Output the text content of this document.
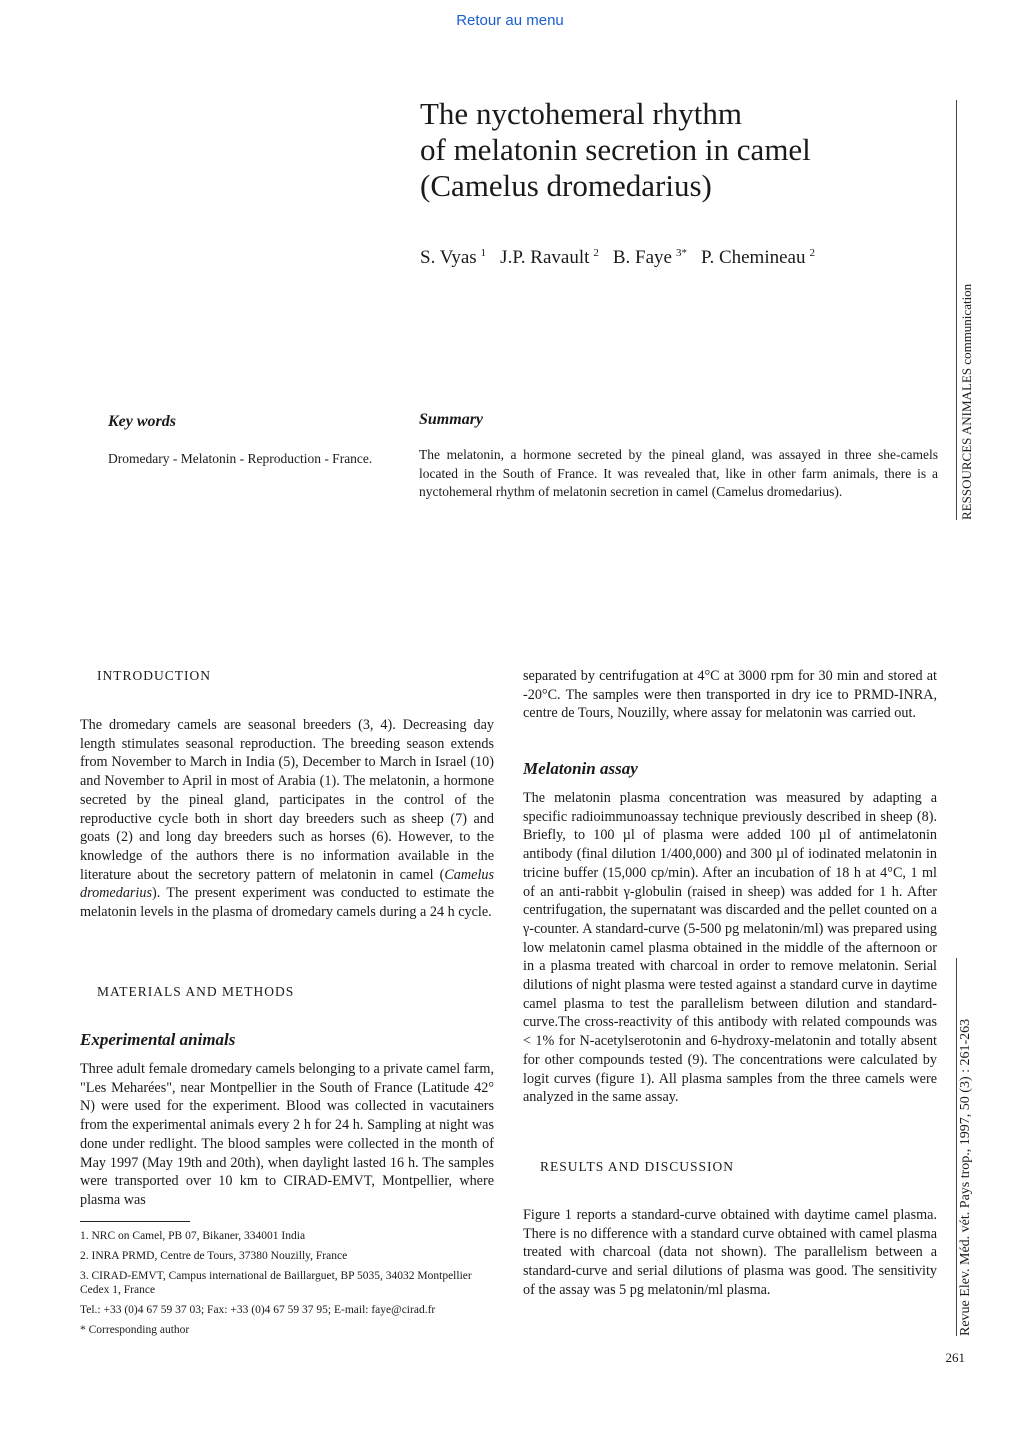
Retour au menu
The nyctohemeral rhythm
of melatonin secretion in camel
(Camelus dromedarius)
S. Vyas $^1$ J.P. Ravault $^2$ B. Faye $^{3*}$ P. Chemineau $^2$
RESSOURCES ANIMALES communication
Revue Elev. Méd. vét. Pays trop., 1997, 50 (3) : 261-263
Key words
Dromedary - Melatonin - Reproduction - France.
Summary
The melatonin, a hormone secreted by the pineal gland, was assayed in three she-camels located in the South of France. It was revealed that, like in other farm animals, there is a nyctohemeral rhythm of melatonin secretion in camel (Camelus dromedarius).
INTRODUCTION

The dromedary camels are seasonal breeders (3, 4). Decreasing day length stimulates seasonal reproduction. The breeding season extends from November to March in India (5), December to March in Israel (10) and November to April in most of Arabia (1). The melatonin, a hormone secreted by the pineal gland, participates in the control of the reproductive cycle both in short day breeders such as sheep (7) and goats (2) and long day breeders such as horses (6). However, to the knowledge of the authors there is no information available in the literature about the secretory pattern of melatonin in camel (Camelus dromedarius). The present experiment was conducted to estimate the melatonin levels in the plasma of dromedary camels during a 24 h cycle.

MATERIALS AND METHODS
Experimental animals

Three adult female dromedary camels belonging to a private camel farm, "Les Meharées", near Montpellier in the South of France (Latitude 42° N) were used for the experiment. Blood was collected in vacutainers from the experimental animals every 2 h for 24 h. Sampling at night was done under redlight. The blood samples were collected in the month of May 1997 (May 19th and 20th), when daylight lasted 16 h. The samples were transported over 10 km to CIRAD-EMVT, Montpellier, where plasma was

1. NRC on Camel, PB 07, Bikaner, 334001 India

2. INRA PRMD, Centre de Tours, 37380 Nouzilly, France

3. CIRAD-EMVT, Campus international de Baillarguet, BP 5035, 34032 Montpellier Cedex 1, France

Tel.: +33 (0)4 67 59 37 03; Fax: +33 (0)4 67 59 37 95; E-mail: faye@cirad.fr

* Corresponding author

separated by centrifugation at 4°C at 3000 rpm for 30 min and stored at -20°C. The samples were then transported in dry ice to PRMD-INRA, centre de Tours, Nouzilly, where assay for melatonin was carried out.

Melatonin assay

The melatonin plasma concentration was measured by adapting a specific radioimmunoassay technique previously described in sheep (8). Briefly, to 100 µl of plasma were added 100 µl of antimelatonin antibody (final dilution 1/400,000) and 300 µl of iodinated melatonin in tricine buffer (15,000 cp/min). After an incubation of 18 h at 4°C, 1 ml of an anti-rabbit γ-globulin (raised in sheep) was added for 1 h. After centrifugation, the supernatant was discarded and the pellet counted on a γ-counter. A standard-curve (5-500 pg melatonin/ml) was prepared using low melatonin camel plasma obtained in the middle of the afternoon or in a plasma treated with charcoal in order to remove melatonin. Serial dilutions of night plasma were tested against a standard curve in daytime camel plasma to test the parallelism between dilution and standard-curve.The cross-reactivity of this antibody with related compounds was < 1% for N-acetylserotonin and 6-hydroxy-melatonin and totally absent for other compounds tested (9). The concentrations were calculated by logit curves (figure 1). All plasma samples from the three camels were analyzed in the same assay.

RESULTS AND DISCUSSION

Figure 1 reports a standard-curve obtained with daytime camel plasma. There is no difference with a standard curve obtained with camel plasma treated with charcoal (data not shown). The parallelism between a standard-curve and serial dilutions of plasma was good. The sensitivity of the assay was 5 pg melatonin/ml plasma.

261
